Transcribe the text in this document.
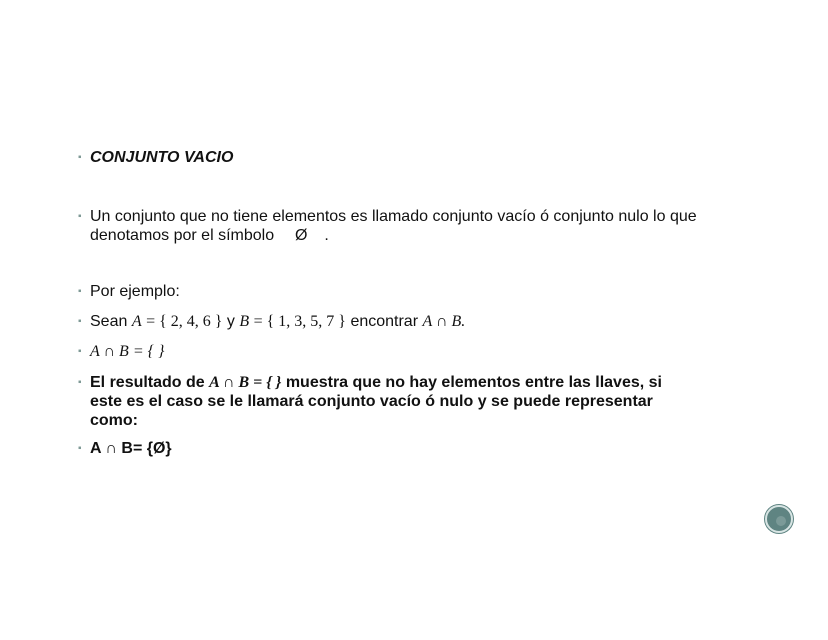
▪ CONJUNTO VACIO
▪ Un conjunto que no tiene elementos es llamado conjunto vacío ó conjunto nulo lo que
denotamos por el símbolo Ø .
▪ Por ejemplo:
▪ Sean A = { 2, 4, 6 } y B = { 1, 3, 5, 7 } encontrar A ∩ B.
▪ A ∩ B = { }
▪ El resultado de A ∩ B = { } muestra que no hay elementos entre las llaves, si
este es el caso se le llamará conjunto vacío ó nulo y se puede representar
como:
▪ A ∩ B= {Ø}
